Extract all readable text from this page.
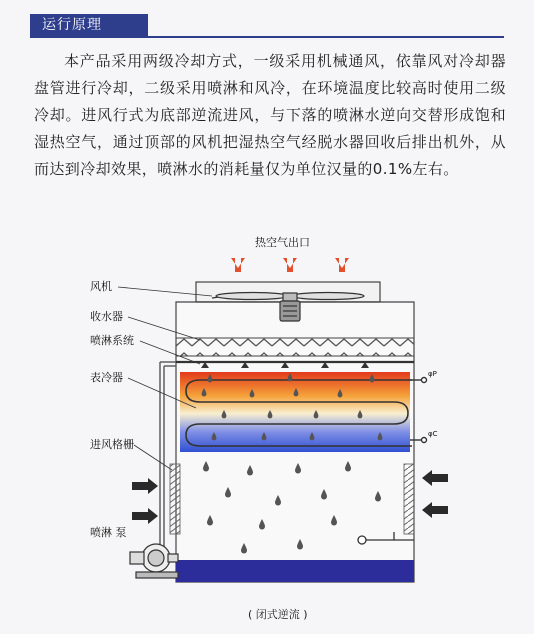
运行原理

本产品采用两级冷却方式，一级采用机械通风，依靠风对冷却器盘管进行冷却，二级采用喷淋和风冷，在环境温度比较高时使用二级冷却。进风行式为底部逆流进风，与下落的喷淋水逆向交替形成饱和湿热空气，通过顶部的风机把湿热空气经脱水器回收后排出机外，从而达到冷却效果，喷淋水的消耗量仅为单位汉量的0.1%左右。

热空气出口
φP
φC
风机
收水器
喷淋系统
表冷器
进风格栅
喷淋 泵
( 闭式逆流 )
